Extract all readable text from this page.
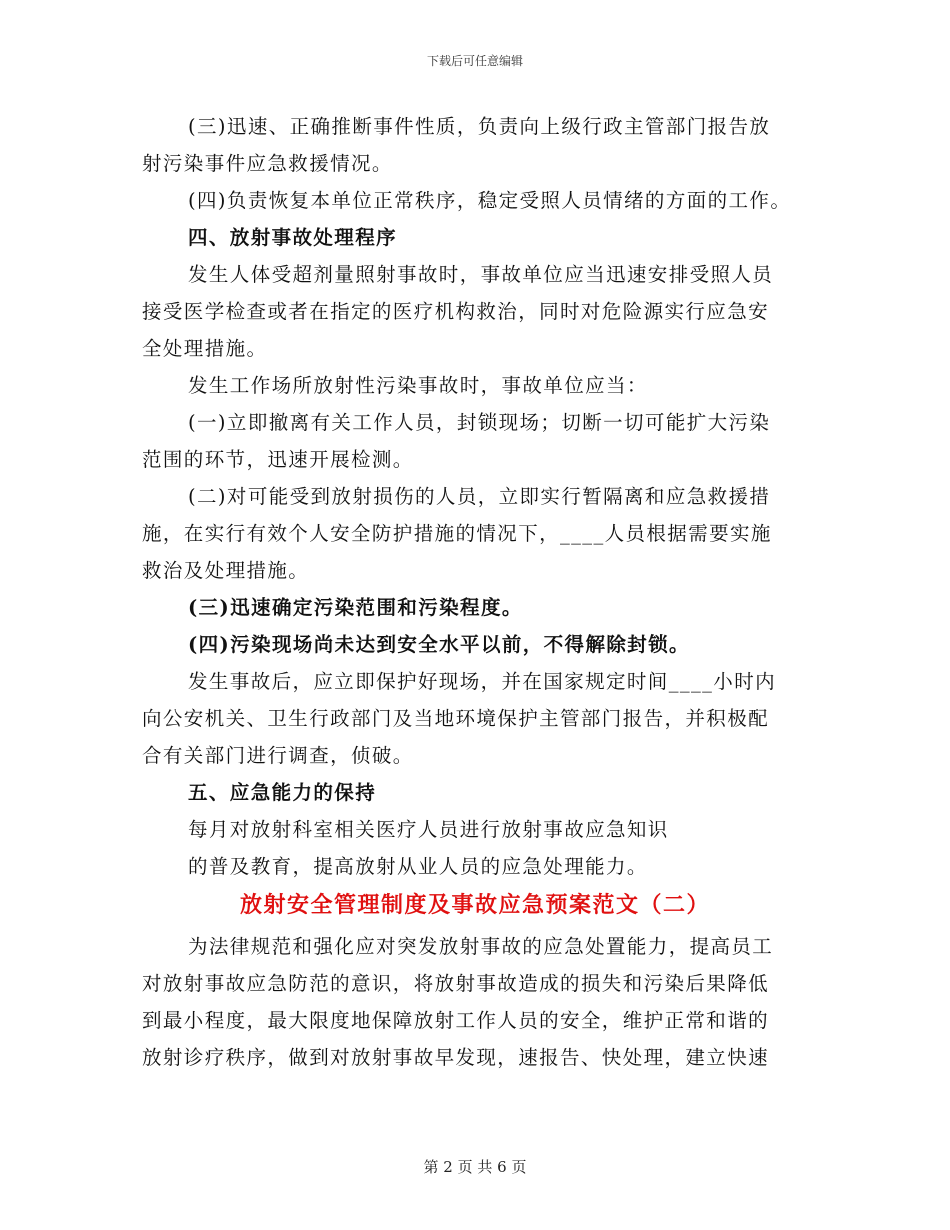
下载后可任意编辑
(三)迅速、正确推断事件性质，负责向上级行政主管部门报告放
射污染事件应急救援情况。
(四)负责恢复本单位正常秩序，稳定受照人员情绪的方面的工作。
四、放射事故处理程序
发生人体受超剂量照射事故时，事故单位应当迅速安排受照人员
接受医学检查或者在指定的医疗机构救治，同时对危险源实行应急安
全处理措施。
发生工作场所放射性污染事故时，事故单位应当：
(一)立即撤离有关工作人员，封锁现场；切断一切可能扩大污染
范围的环节，迅速开展检测。
(二)对可能受到放射损伤的人员，立即实行暂隔离和应急救援措
施，在实行有效个人安全防护措施的情况下，____人员根据需要实施
救治及处理措施。
(三)迅速确定污染范围和污染程度。
(四)污染现场尚未达到安全水平以前，不得解除封锁。
发生事故后，应立即保护好现场，并在国家规定时间____小时内
向公安机关、卫生行政部门及当地环境保护主管部门报告，并积极配
合有关部门进行调查，侦破。
五、应急能力的保持
每月对放射科室相关医疗人员进行放射事故应急知识
的普及教育，提高放射从业人员的应急处理能力。
放射安全管理制度及事故应急预案范文（二）
为法律规范和强化应对突发放射事故的应急处置能力，提高员工
对放射事故应急防范的意识，将放射事故造成的损失和污染后果降低
到最小程度，最大限度地保障放射工作人员的安全，维护正常和谐的
放射诊疗秩序，做到对放射事故早发现，速报告、快处理，建立快速
第 2 页 共 6 页
